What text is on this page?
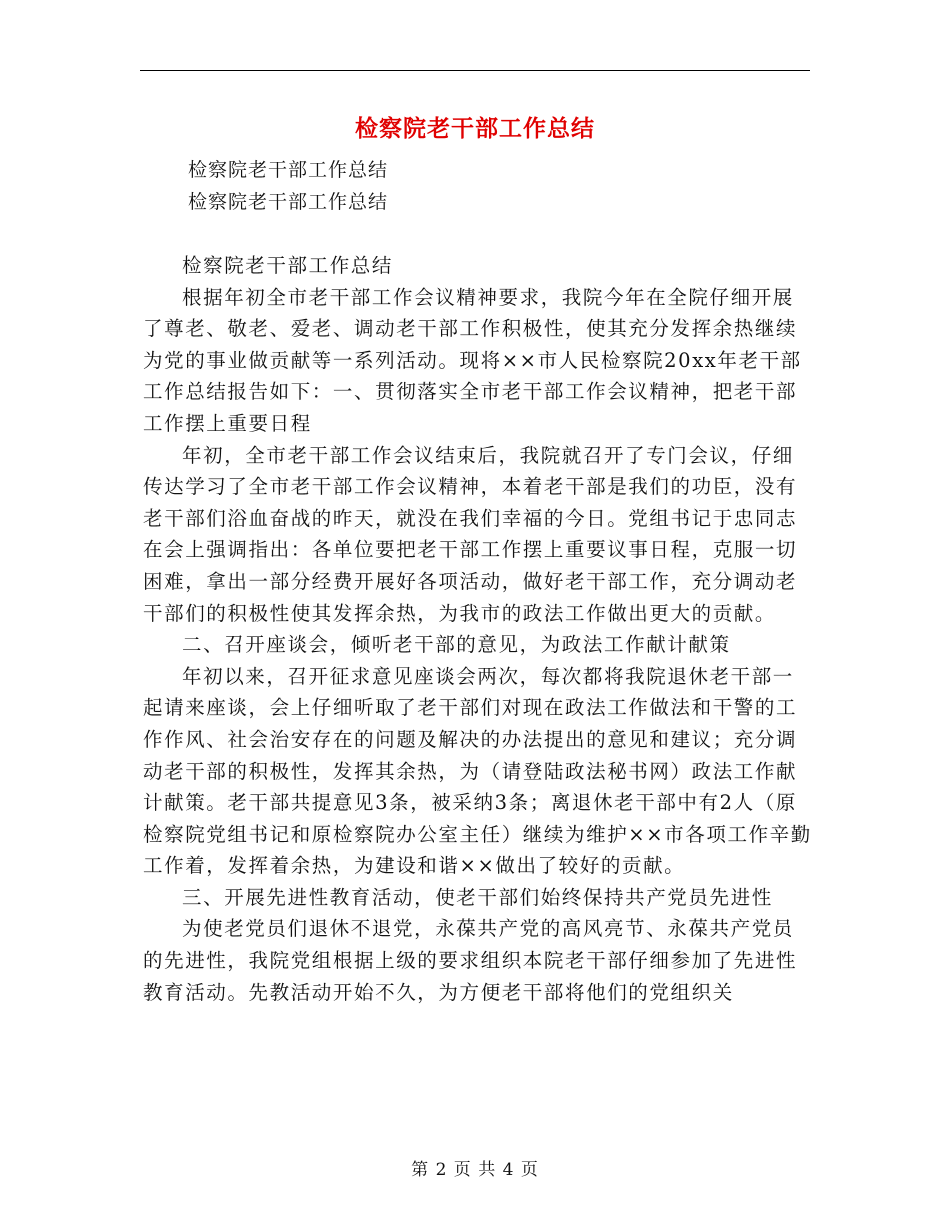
检察院老干部工作总结
检察院老干部工作总结
检察院老干部工作总结

检察院老干部工作总结

根据年初全市老干部工作会议精神要求，我院今年在全院仔细开展了尊老、敬老、爱老、调动老干部工作积极性，使其充分发挥余热继续为党的事业做贡献等一系列活动。现将××市人民检察院20xx年老干部工作总结报告如下：一、贯彻落实全市老干部工作会议精神，把老干部工作摆上重要日程

年初，全市老干部工作会议结束后，我院就召开了专门会议，仔细传达学习了全市老干部工作会议精神，本着老干部是我们的功臣，没有老干部们浴血奋战的昨天，就没在我们幸福的今日。党组书记于忠同志在会上强调指出：各单位要把老干部工作摆上重要议事日程，克服一切困难，拿出一部分经费开展好各项活动，做好老干部工作，充分调动老干部们的积极性使其发挥余热，为我市的政法工作做出更大的贡献。

二、召开座谈会，倾听老干部的意见，为政法工作献计献策

年初以来，召开征求意见座谈会两次，每次都将我院退休老干部一起请来座谈，会上仔细听取了老干部们对现在政法工作做法和干警的工作作风、社会治安存在的问题及解决的办法提出的意见和建议；充分调动老干部的积极性，发挥其余热，为（请登陆政法秘书网）政法工作献计献策。老干部共提意见3条，被采纳3条；离退休老干部中有2人（原检察院党组书记和原检察院办公室主任）继续为维护××市各项工作辛勤工作着，发挥着余热，为建设和谐××做出了较好的贡献。

三、开展先进性教育活动，使老干部们始终保持共产党员先进性

为使老党员们退休不退党，永葆共产党的高风亮节、永葆共产党员的先进性，我院党组根据上级的要求组织本院老干部仔细参加了先进性教育活动。先教活动开始不久，为方便老干部将他们的党组织关

第 2 页 共 4 页
